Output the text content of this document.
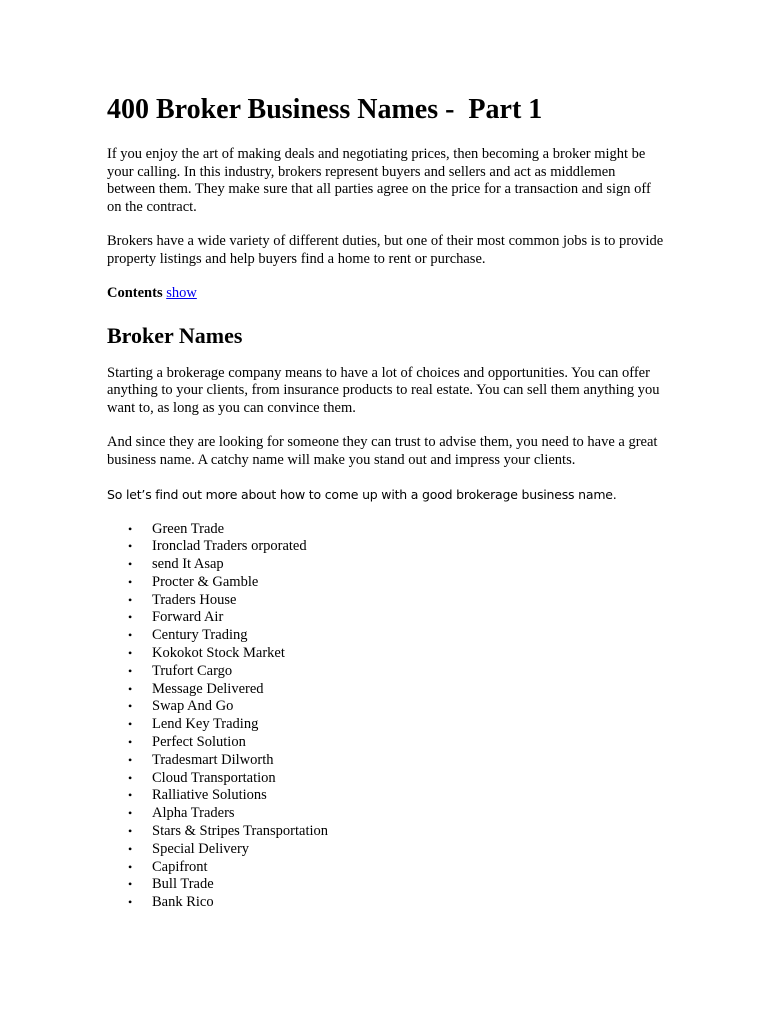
400 Broker Business Names -  Part 1

If you enjoy the art of making deals and negotiating prices, then becoming a broker might be your calling. In this industry, brokers represent buyers and sellers and act as middlemen between them. They make sure that all parties agree on the price for a transaction and sign off on the contract.

Brokers have a wide variety of different duties, but one of their most common jobs is to provide property listings and help buyers find a home to rent or purchase.

Contents show

Broker Names

Starting a brokerage company means to have a lot of choices and opportunities. You can offer anything to your clients, from insurance products to real estate. You can sell them anything you want to, as long as you can convince them.

And since they are looking for someone they can trust to advise them, you need to have a great business name. A catchy name will make you stand out and impress your clients.

So let’s find out more about how to come up with a good brokerage business name.

• Green Trade
• Ironclad Traders orporated
• send It Asap
• Procter & Gamble
• Traders House
• Forward Air
• Century Trading
• Kokokot Stock Market
• Trufort Cargo
• Message Delivered
• Swap And Go
• Lend Key Trading
• Perfect Solution
• Tradesmart Dilworth
• Cloud Transportation
• Ralliative Solutions
• Alpha Traders
• Stars & Stripes Transportation
• Special Delivery
• Capifront
• Bull Trade
• Bank Rico
